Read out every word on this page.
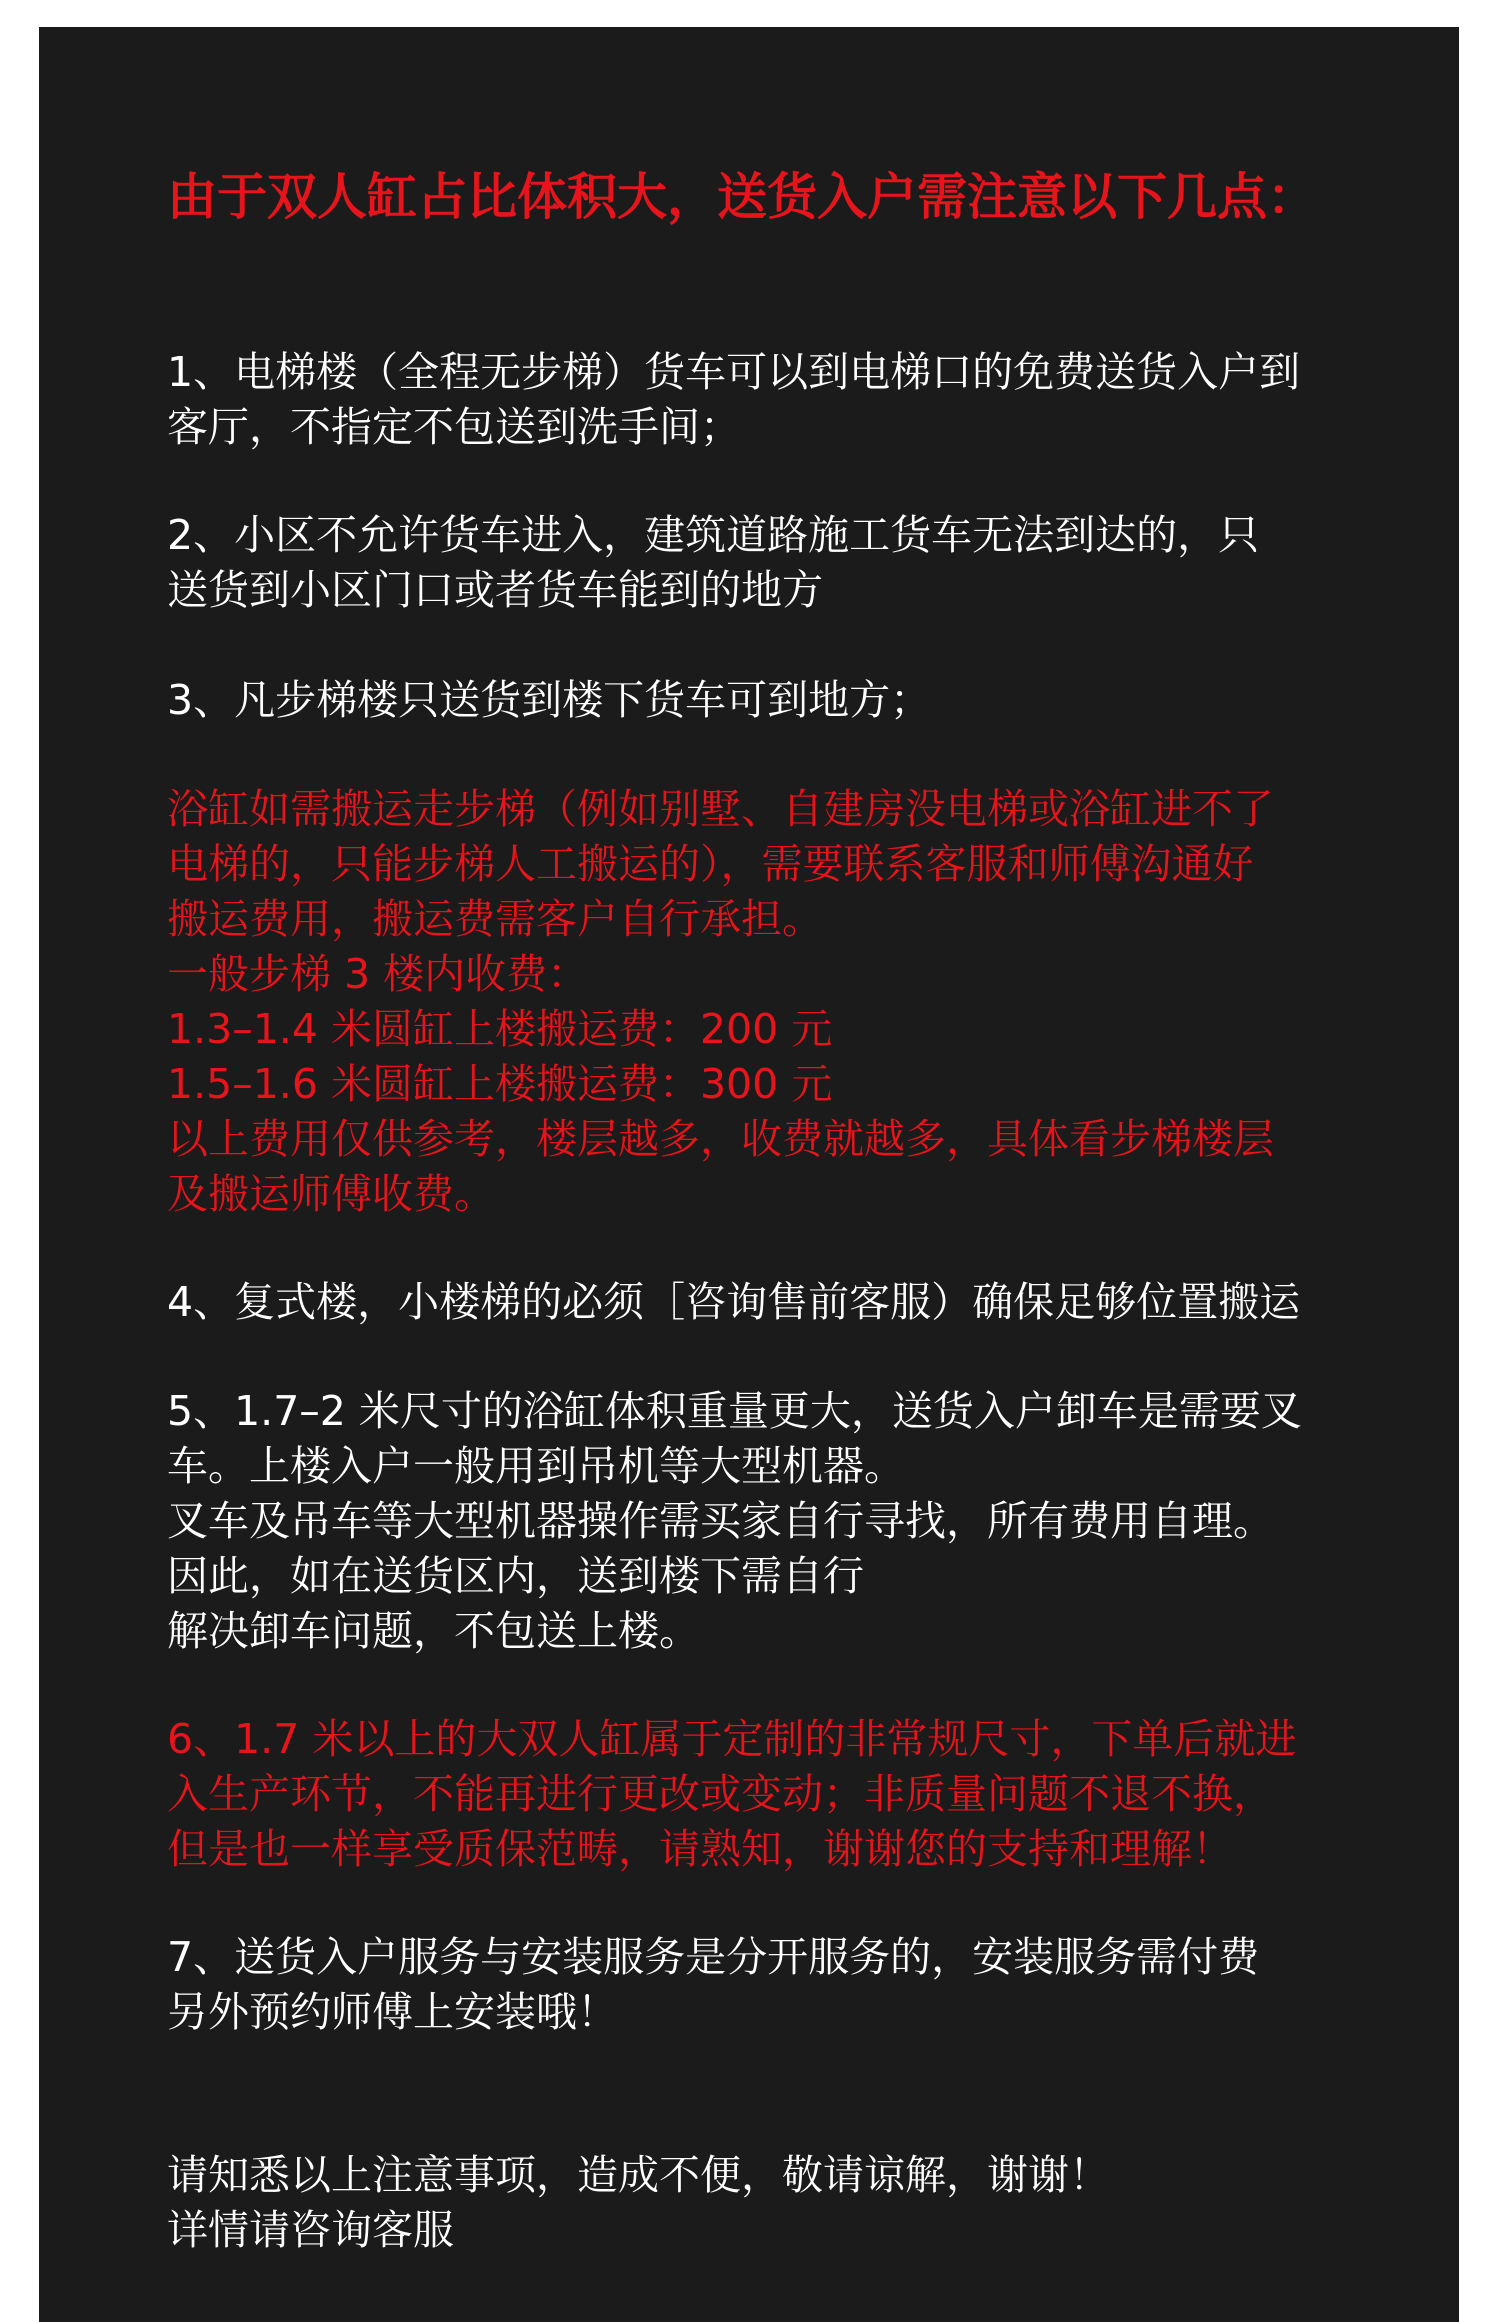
由于双人缸占比体积大，送货入户需注意以下几点：
1、电梯楼（全程无步梯）货车可以到电梯口的免费送货入户到
客厅，不指定不包送到洗手间；
2、小区不允许货车进入，建筑道路施工货车无法到达的，只
送货到小区门口或者货车能到的地方
3、凡步梯楼只送货到楼下货车可到地方；
浴缸如需搬运走步梯（例如别墅、自建房没电梯或浴缸进不了
电梯的，只能步梯人工搬运的），需要联系客服和师傅沟通好
搬运费用，搬运费需客户自行承担。
一般步梯 3 楼内收费：
1.3–1.4 米圆缸上楼搬运费：200 元
1.5–1.6 米圆缸上楼搬运费：300 元
以上费用仅供参考，楼层越多，收费就越多，具体看步梯楼层
及搬运师傅收费。
4、复式楼，小楼梯的必须［咨询售前客服）确保足够位置搬运
5、1.7–2 米尺寸的浴缸体积重量更大，送货入户卸车是需要叉
车。上楼入户一般用到吊机等大型机器。
叉车及吊车等大型机器操作需买家自行寻找，所有费用自理。
因此，如在送货区内，送到楼下需自行
解决卸车问题，不包送上楼。
6、1.7 米以上的大双人缸属于定制的非常规尺寸，下单后就进
入生产环节，不能再进行更改或变动；非质量问题不退不换，
但是也一样享受质保范畴，请熟知，谢谢您的支持和理解！
7、送货入户服务与安装服务是分开服务的，安装服务需付费
另外预约师傅上安装哦！
请知悉以上注意事项，造成不便，敬请谅解，谢谢！
详情请咨询客服
